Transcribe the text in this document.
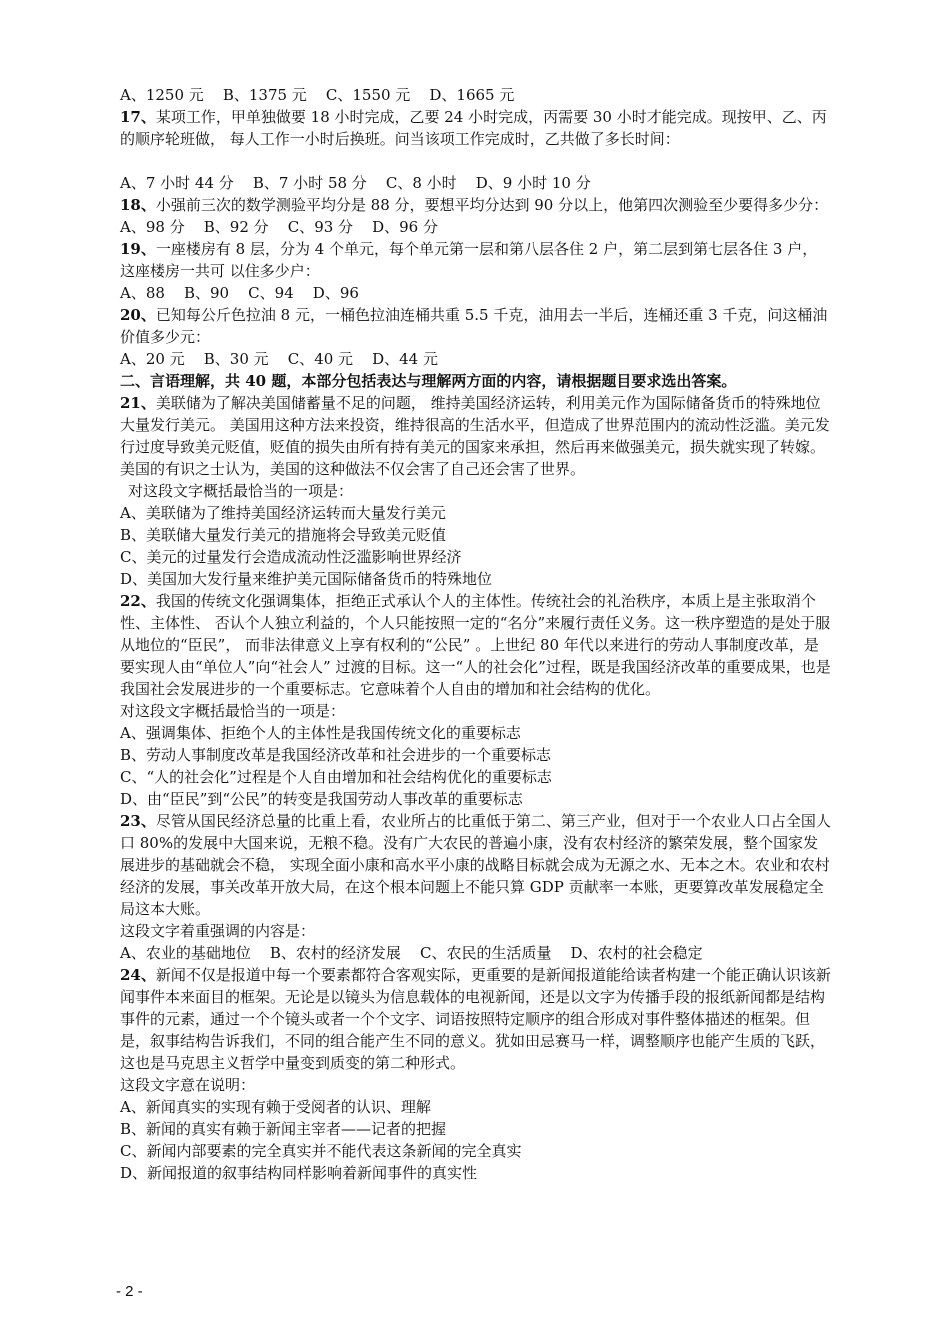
A、1250 元    B、1375 元    C、1550 元    D、1665 元

17、某项工作，甲单独做要 18 小时完成，乙要 24 小时完成，丙需要 30 小时才能完成。现按甲、乙、丙的顺序轮班做， 每人工作一小时后换班。问当该项工作完成时，乙共做了多长时间：

A、7 小时 44 分    B、7 小时 58 分    C、8 小时    D、9 小时 10 分

18、小强前三次的数学测验平均分是 88 分，要想平均分达到 90 分以上，他第四次测验至少要得多少分：

A、98 分    B、92 分    C、93 分    D、96 分

19、一座楼房有 8 层，分为 4 个单元，每个单元第一层和第八层各住 2 户，第二层到第七层各住 3 户，这座楼房一共可 以住多少户：

A、88    B、90    C、94    D、96

20、已知每公斤色拉油 8 元，一桶色拉油连桶共重 5.5 千克，油用去一半后，连桶还重 3 千克，问这桶油价值多少元：

A、20 元    B、30 元    C、40 元    D、44 元

二、言语理解，共 40 题，本部分包括表达与理解两方面的内容，请根据题目要求选出答案。

21、美联储为了解决美国储蓄量不足的问题， 维持美国经济运转，利用美元作为国际储备货币的特殊地位大量发行美元。 美国用这种方法来投资，维持很高的生活水平，但造成了世界范围内的流动性泛滥。美元发行过度导致美元贬值，贬值的损失由所有持有美元的国家来承担，然后再来做强美元，损失就实现了转嫁。美国的有识之士认为，美国的这种做法不仅会害了自己还会害了世界。

对这段文字概括最恰当的一项是：

A、美联储为了维持美国经济运转而大量发行美元

B、美联储大量发行美元的措施将会导致美元贬值

C、美元的过量发行会造成流动性泛滥影响世界经济

D、美国加大发行量来维护美元国际储备货币的特殊地位

22、我国的传统文化强调集体，拒绝正式承认个人的主体性。传统社会的礼治秩序，本质上是主张取消个性、主体性、 否认个人独立利益的，个人只能按照一定的“名分”来履行责任义务。这一秩序塑造的是处于服从地位的“臣民”， 而非法律意义上享有权利的“公民” 。上世纪 80 年代以来进行的劳动人事制度改革，是要实现人由“单位人”向“社会人” 过渡的目标。这一“人的社会化”过程，既是我国经济改革的重要成果，也是我国社会发展进步的一个重要标志。它意味着个人自由的增加和社会结构的优化。

对这段文字概括最恰当的一项是：

A、强调集体、拒绝个人的主体性是我国传统文化的重要标志

B、劳动人事制度改革是我国经济改革和社会进步的一个重要标志

C、“人的社会化”过程是个人自由增加和社会结构优化的重要标志

D、由“臣民”到“公民”的转变是我国劳动人事改革的重要标志

23、尽管从国民经济总量的比重上看，农业所占的比重低于第二、第三产业，但对于一个农业人口占全国人口 80%的发展中大国来说，无粮不稳。没有广大农民的普遍小康，没有农村经济的繁荣发展，整个国家发展进步的基础就会不稳， 实现全面小康和高水平小康的战略目标就会成为无源之水、无本之木。农业和农村经济的发展，事关改革开放大局，在这个根本问题上不能只算 GDP 贡献率一本账，更要算改革发展稳定全局这本大账。

这段文字着重强调的内容是：

A、农业的基础地位    B、农村的经济发展    C、农民的生活质量    D、农村的社会稳定

24、新闻不仅是报道中每一个要素都符合客观实际，更重要的是新闻报道能给读者构建一个能正确认识该新闻事件本来面目的框架。无论是以镜头为信息载体的电视新闻，还是以文字为传播手段的报纸新闻都是结构事件的元素，通过一个个镜头或者一个个文字、词语按照特定顺序的组合形成对事件整体描述的框架。但是，叙事结构告诉我们，不同的组合能产生不同的意义。犹如田忌赛马一样，调整顺序也能产生质的飞跃，这也是马克思主义哲学中量变到质变的第二种形式。

这段文字意在说明：

A、新闻真实的实现有赖于受阅者的认识、理解

B、新闻的真实有赖于新闻主宰者——记者的把握

C、新闻内部要素的完全真实并不能代表这条新闻的完全真实

D、新闻报道的叙事结构同样影响着新闻事件的真实性

- 2 -
